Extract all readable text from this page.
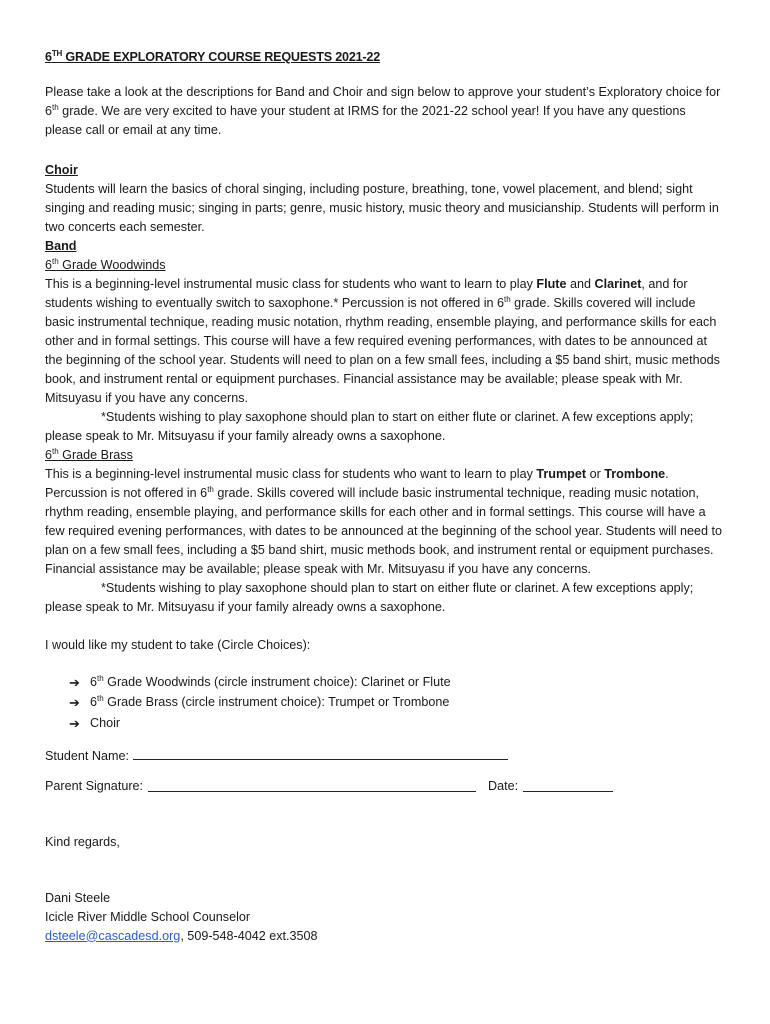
6TH GRADE EXPLORATORY COURSE REQUESTS 2021-22

Please take a look at the descriptions for Band and Choir and sign below to approve your student’s Exploratory choice for 6th grade. We are very excited to have your student at IRMS for the 2021-22 school year! If you have any questions please call or email at any time.

Choir

Students will learn the basics of choral singing, including posture, breathing, tone, vowel placement, and blend; sight singing and reading music; singing in parts; genre, music history, music theory and musicianship. Students will perform in two concerts each semester.

Band

6th Grade Woodwinds

This is a beginning-level instrumental music class for students who want to learn to play Flute and Clarinet, and for students wishing to eventually switch to saxophone.* Percussion is not offered in 6th grade. Skills covered will include basic instrumental technique, reading music notation, rhythm reading, ensemble playing, and performance skills for each other and in formal settings. This course will have a few required evening performances, with dates to be announced at the beginning of the school year. Students will need to plan on a few small fees, including a $5 band shirt, music methods book, and instrument rental or equipment purchases. Financial assistance may be available; please speak with Mr. Mitsuyasu if you have any concerns.

*Students wishing to play saxophone should plan to start on either flute or clarinet. A few exceptions apply; please speak to Mr. Mitsuyasu if your family already owns a saxophone.

6th Grade Brass

This is a beginning-level instrumental music class for students who want to learn to play Trumpet or Trombone. Percussion is not offered in 6th grade. Skills covered will include basic instrumental technique, reading music notation, rhythm reading, ensemble playing, and performance skills for each other and in formal settings. This course will have a few required evening performances, with dates to be announced at the beginning of the school year. Students will need to plan on a few small fees, including a $5 band shirt, music methods book, and instrument rental or equipment purchases. Financial assistance may be available; please speak with Mr. Mitsuyasu if you have any concerns.

*Students wishing to play saxophone should plan to start on either flute or clarinet. A few exceptions apply; please speak to Mr. Mitsuyasu if your family already owns a saxophone.

I would like my student to take (Circle Choices):

➔ 6th Grade Woodwinds (circle instrument choice): Clarinet or Flute
➔ 6th Grade Brass (circle instrument choice): Trumpet or Trombone
➔ Choir

Student Name:

Parent Signature:	Date:

Kind regards,

Dani Steele

Icicle River Middle School Counselor

dsteele@cascadesd.org, 509-548-4042 ext.3508
